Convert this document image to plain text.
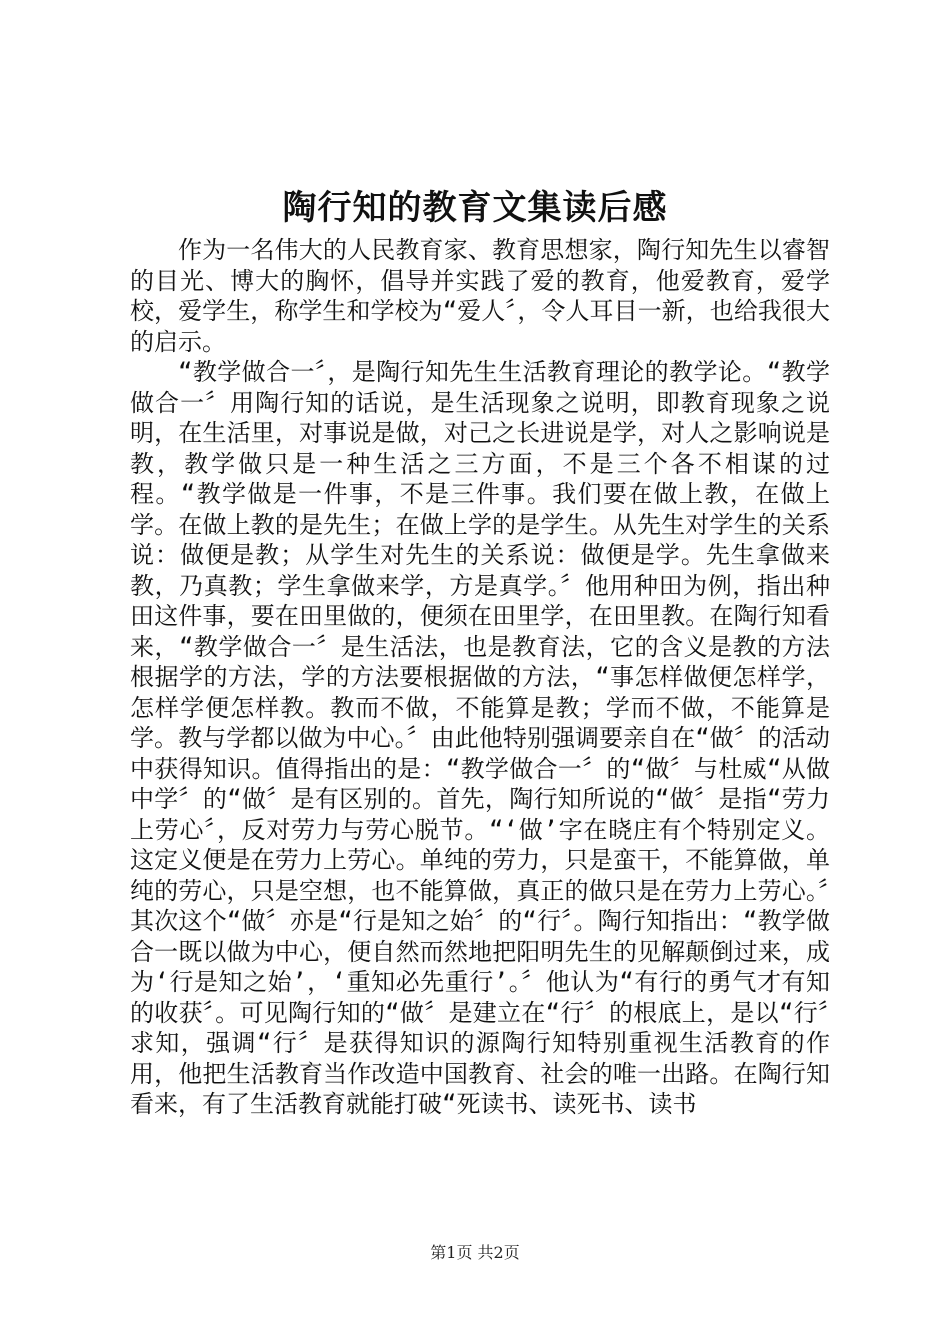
陶行知的教育文集读后感

作为一名伟大的人民教育家、教育思想家，陶行知先生以睿智的目光、博大的胸怀，倡导并实践了爱的教育，他爱教育，爱学校，爱学生，称学生和学校为“爱人〞，令人耳目一新，也给我很大的启示。

“教学做合一〞，是陶行知先生生活教育理论的教学论。“教学做合一〞用陶行知的话说，是生活现象之说明，即教育现象之说明，在生活里，对事说是做，对己之长进说是学，对人之影响说是教，教学做只是一种生活之三方面，不是三个各不相谋的过程。“教学做是一件事，不是三件事。我们要在做上教，在做上学。在做上教的是先生；在做上学的是学生。从先生对学生的关系说：做便是教；从学生对先生的关系说：做便是学。先生拿做来教，乃真教；学生拿做来学，方是真学。〞他用种田为例，指出种田这件事，要在田里做的，便须在田里学，在田里教。在陶行知看来，“教学做合一〞是生活法，也是教育法，它的含义是教的方法根据学的方法，学的方法要根据做的方法，“事怎样做便怎样学，怎样学便怎样教。教而不做，不能算是教；学而不做，不能算是学。教与学都以做为中心。〞由此他特别强调要亲自在“做〞的活动中获得知识。值得指出的是：“教学做合一〞的“做〞与杜威“从做中学〞的“做〞是有区别的。首先，陶行知所说的“做〞是指“劳力上劳心〞，反对劳力与劳心脱节。“‘做’字在晓庄有个特别定义。这定义便是在劳力上劳心。单纯的劳力，只是蛮干，不能算做，单纯的劳心，只是空想，也不能算做，真正的做只是在劳力上劳心。〞其次这个“做〞亦是“行是知之始〞的“行〞。陶行知指出：“教学做合一既以做为中心，便自然而然地把阳明先生的见解颠倒过来，成为‘行是知之始’，‘重知必先重行’。〞他认为“有行的勇气才有知的收获〞。可见陶行知的“做〞是建立在“行〞的根底上，是以“行〞求知，强调“行〞是获得知识的源陶行知特别重视生活教育的作用，他把生活教育当作改造中国教育、社会的唯一出路。在陶行知看来，有了生活教育就能打破“死读书、读死书、读书

第1页 共2页
